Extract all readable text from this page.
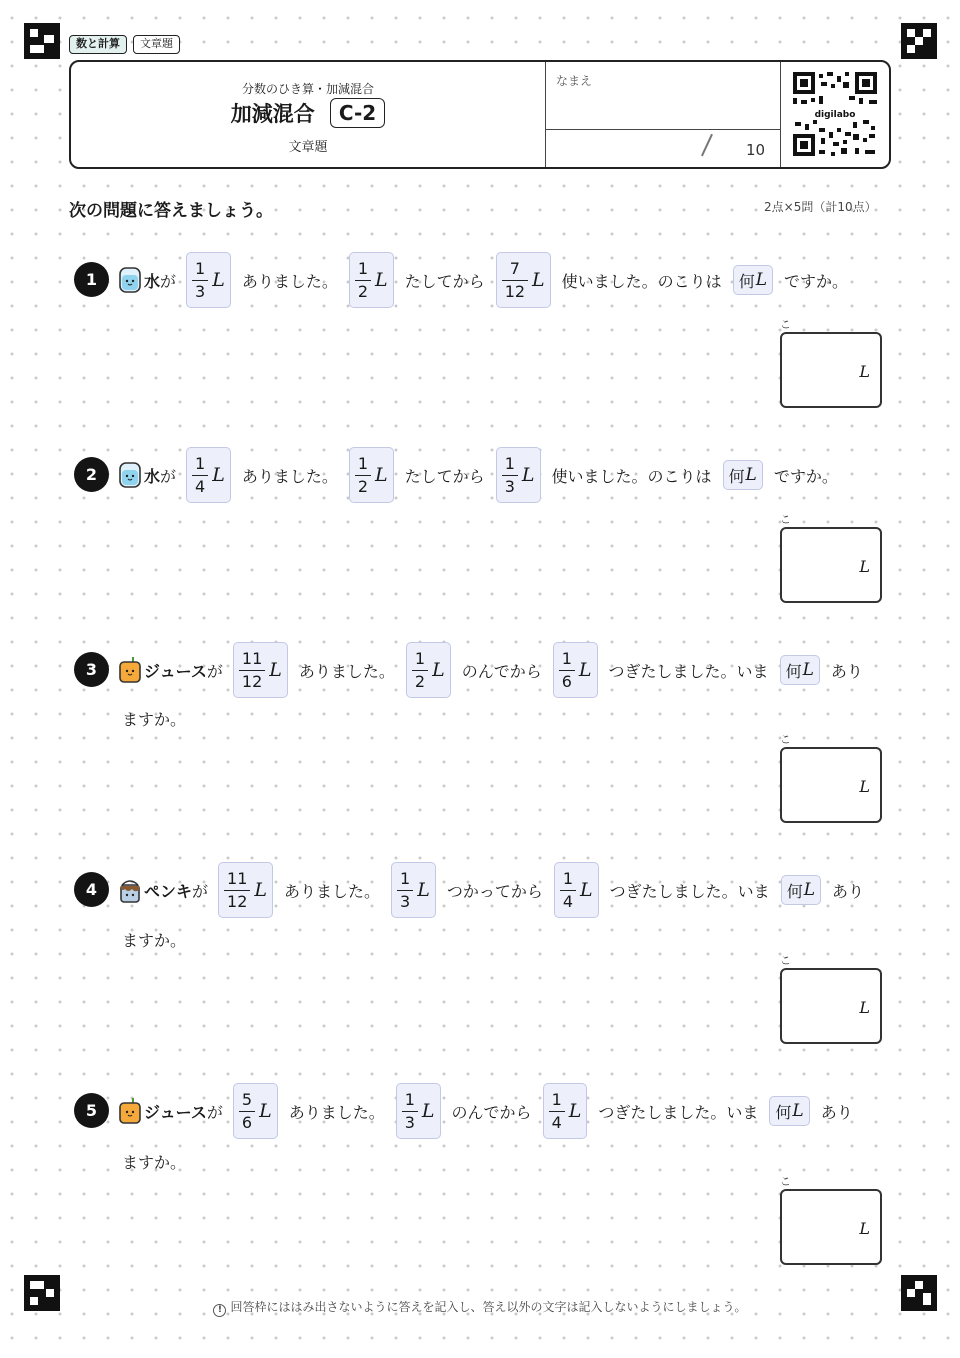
数と計算	文章題
分数のひき算・加減混合
加減混合 C-2
文章題
なまえ
10
digilabo
次の問題に答えましょう。	2点×5問（計10点）
1	水 が $\frac{1}{3}$ L ありました。 $\frac{1}{2}$ L たしてから $\frac{7}{12}$ L 使いました。のこりは 何 L ですか。
こ
L
2	水 が $\frac{1}{4}$ L ありました。 $\frac{1}{2}$ L たしてから $\frac{1}{3}$ L 使いました。のこりは 何 L ですか。
こ
L
3	ジュース が $\frac{11}{12}$ L ありました。 $\frac{1}{2}$ L のんでから $\frac{1}{6}$ L つぎたしました。いま 何 L あり
ますか。
こ
L
4	ペンキ が $\frac{11}{12}$ L ありました。 $\frac{1}{3}$ L つかってから $\frac{1}{4}$ L つぎたしました。いま 何 L あり
ますか。
こ
L
5	ジュース が $\frac{5}{6}$ L ありました。 $\frac{1}{3}$ L のんでから $\frac{1}{4}$ L つぎたしました。いま 何 L あり
ますか。
こ
L
! 回答枠にははみ出さないように答えを記入し、答え以外の文字は記入しないようにしましょう。
